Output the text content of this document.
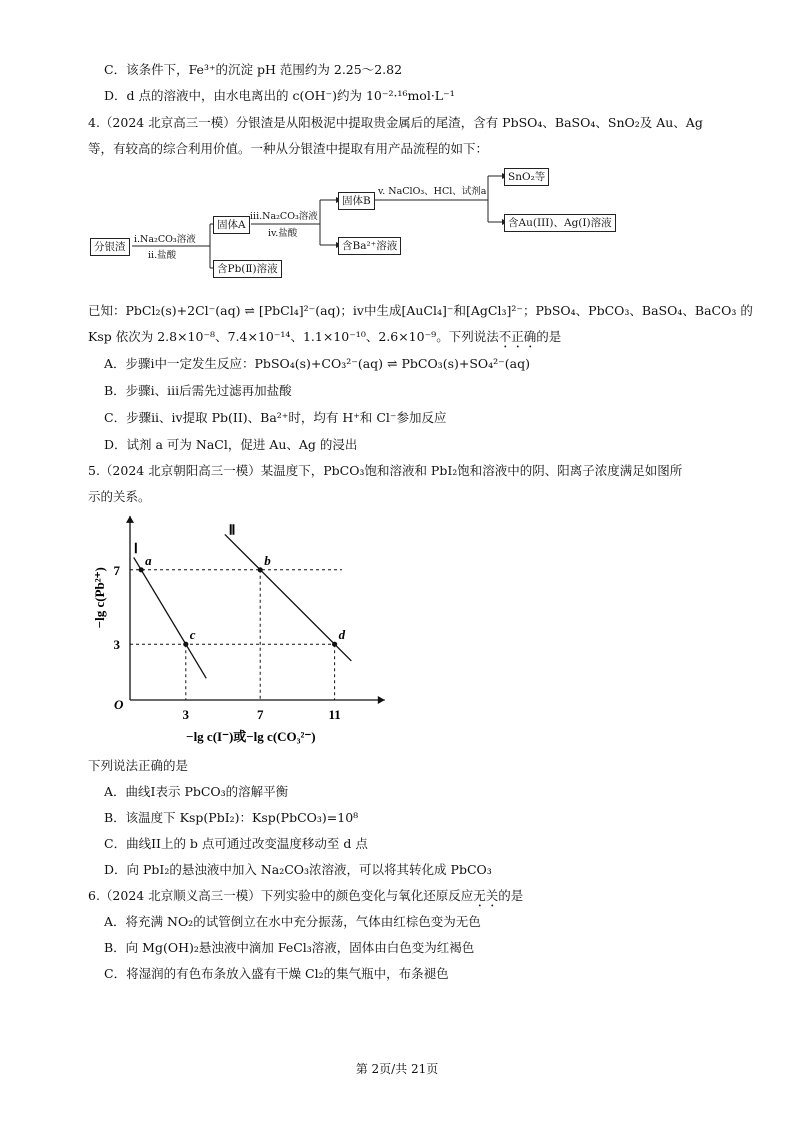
C．该条件下，Fe³⁺的沉淀 pH 范围约为 2.25～2.82
D．d 点的溶液中，由水电离出的 c(OH⁻)约为 10⁻²·¹⁶mol·L⁻¹
4.（2024 北京高三一模）分银渣是从阳极泥中提取贵金属后的尾渣，含有 PbSO₄、BaSO₄、SnO₂及 Au、Ag
等，有较高的综合利用价值。一种从分银渣中提取有用产品流程的如下：
分银渣
i.Na₂CO₃溶液
ii.盐酸
固体A
含Pb(Ⅱ)溶液
iii.Na₂CO₃溶液
iv.盐酸
固体B
含Ba²⁺溶液
v. NaClO₃、HCl、试剂a
SnO₂等
含Au(III)、Ag(I)溶液
已知：PbCl₂(s)+2Cl⁻(aq) ⇌ [PbCl₄]²⁻(aq)；iv中生成[AuCl₄]⁻和[AgCl₃]²⁻；PbSO₄、PbCO₃、BaSO₄、BaCO₃ 的
Ksp 依次为 2.8×10⁻⁸、7.4×10⁻¹⁴、1.1×10⁻¹⁰、2.6×10⁻⁹。下列说法不正确的是
A．步骤i中一定发生反应：PbSO₄(s)+CO₃²⁻(aq) ⇌ PbCO₃(s)+SO₄²⁻(aq)
B．步骤i、iii后需先过滤再加盐酸
C．步骤ii、iv提取 Pb(II)、Ba²⁺时，均有 H⁺和 Cl⁻参加反应
D．试剂 a 可为 NaCl，促进 Au、Ag 的浸出
5.（2024 北京朝阳高三一模）某温度下，PbCO₃饱和溶液和 PbI₂饱和溶液中的阴、阳离子浓度满足如图所
示的关系。
O
3	7	11
3
7
−lg c(I⁻)或−lg c(CO₃²⁻)
−lg c(Pb²⁺)
Ⅰ
a
c
Ⅱ
b
d
下列说法正确的是
A．曲线I表示 PbCO₃的溶解平衡
B．该温度下 Ksp(PbI₂)：Ksp(PbCO₃)=10⁸
C．曲线II上的 b 点可通过改变温度移动至 d 点
D．向 PbI₂的悬浊液中加入 Na₂CO₃浓溶液，可以将其转化成 PbCO₃
6.（2024 北京顺义高三一模）下列实验中的颜色变化与氧化还原反应无关的是
A．将充满 NO₂的试管倒立在水中充分振荡，气体由红棕色变为无色
B．向 Mg(OH)₂悬浊液中滴加 FeCl₃溶液，固体由白色变为红褐色
C．将湿润的有色布条放入盛有干燥 Cl₂的集气瓶中，布条褪色
第 2页/共 21页
